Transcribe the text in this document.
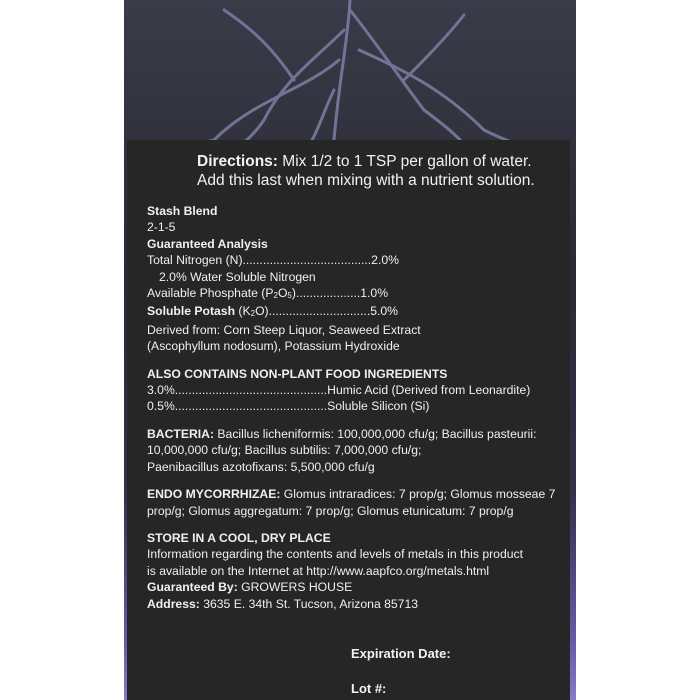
Directions: Mix 1/2 to 1 TSP per gallon of water.
Add this last when mixing with a nutrient solution.
Stash Blend
2-1-5
Guaranteed Analysis
Total Nitrogen (N)......................................2.0%
2.0% Water Soluble Nitrogen
Available Phosphate $(P_2O_5)...................1.0\%$
Soluble Potash $(K_2O)..............................5.0\%$
Derived from: Corn Steep Liquor, Seaweed Extract
(Ascophyllum nodosum), Potassium Hydroxide
ALSO CONTAINS NON-PLANT FOOD INGREDIENTS
3.0%.............................................Humic Acid (Derived from Leonardite)
0.5%.............................................Soluble Silicon (Si)
BACTERIA: Bacillus licheniformis: 100,000,000 cfu/g; Bacillus pasteurii:
10,000,000 cfu/g; Bacillus subtilis: 7,000,000 cfu/g;
Paenibacillus azotofixans: 5,500,000 cfu/g
ENDO MYCORRHIZAE: Glomus intraradices: 7 prop/g; Glomus mosseae 7
prop/g; Glomus aggregatum: 7 prop/g; Glomus etunicatum: 7 prop/g
STORE IN A COOL, DRY PLACE
Information regarding the contents and levels of metals in this product
is available on the Internet at http://www.aapfco.org/metals.html
Guaranteed By: GROWERS HOUSE
Address: 3635 E. 34th St. Tucson, Arizona 85713
Expiration Date:
Lot #:
